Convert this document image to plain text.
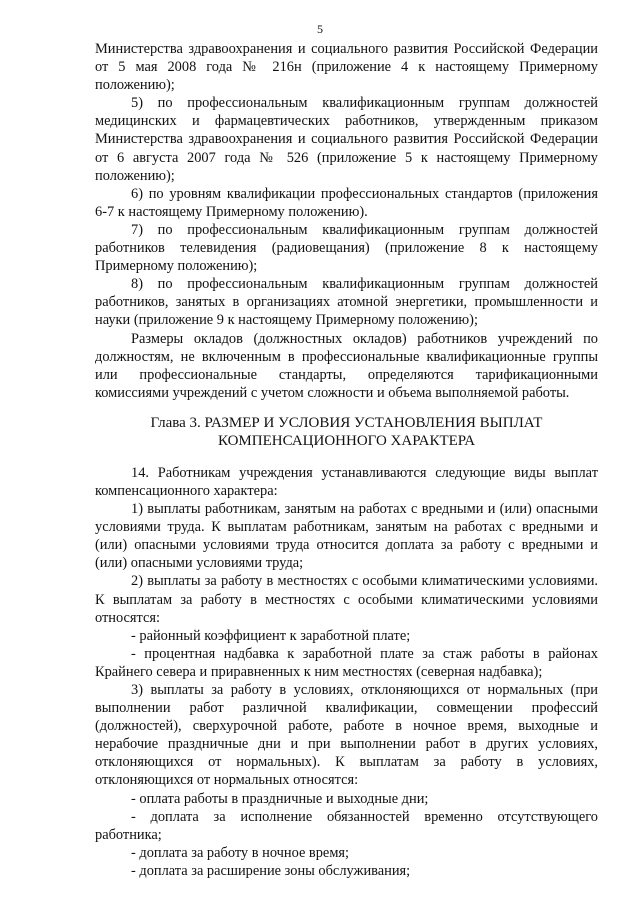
5

Министерства здравоохранения и социального развития Российской Федерации от 5 мая 2008 года № 216н (приложение 4 к настоящему Примерному положению);

5) по профессиональным квалификационным группам должностей медицинских и фармацевтических работников, утвержденным приказом Министерства здравоохранения и социального развития Российской Федерации от 6 августа 2007 года № 526 (приложение 5 к настоящему Примерному положению);

6) по уровням квалификации профессиональных стандартов (приложения 6-7 к настоящему Примерному положению).

7) по профессиональным квалификационным группам должностей работников телевидения (радиовещания) (приложение 8 к настоящему Примерному положению);

8) по профессиональным квалификационным группам должностей работников, занятых в организациях атомной энергетики, промышленности и науки (приложение 9 к настоящему Примерному положению);

Размеры окладов (должностных окладов) работников учреждений по должностям, не включенным в профессиональные квалификационные группы или профессиональные стандарты, определяются тарификационными комиссиями учреждений с учетом сложности и объема выполняемой работы.

Глава 3. РАЗМЕР И УСЛОВИЯ УСТАНОВЛЕНИЯ ВЫПЛАТ
КОМПЕНСАЦИОННОГО ХАРАКТЕРА

14. Работникам учреждения устанавливаются следующие виды выплат компенсационного характера:

1) выплаты работникам, занятым на работах с вредными и (или) опасными условиями труда. К выплатам работникам, занятым на работах с вредными и (или) опасными условиями труда относится доплата за работу с вредными и (или) опасными условиями труда;

2) выплаты за работу в местностях с особыми климатическими условиями. К выплатам за работу в местностях с особыми климатическими условиями относятся:

- районный коэффициент к заработной плате;

- процентная надбавка к заработной плате за стаж работы в районах Крайнего севера и приравненных к ним местностях (северная надбавка);

3) выплаты за работу в условиях, отклоняющихся от нормальных (при выполнении работ различной квалификации, совмещении профессий (должностей), сверхурочной работе, работе в ночное время, выходные и нерабочие праздничные дни и при выполнении работ в других условиях, отклоняющихся от нормальных). К выплатам за работу в условиях, отклоняющихся от нормальных относятся:

- оплата работы в праздничные и выходные дни;

- доплата за исполнение обязанностей временно отсутствующего работника;

- доплата за работу в ночное время;

- доплата за расширение зоны обслуживания;
